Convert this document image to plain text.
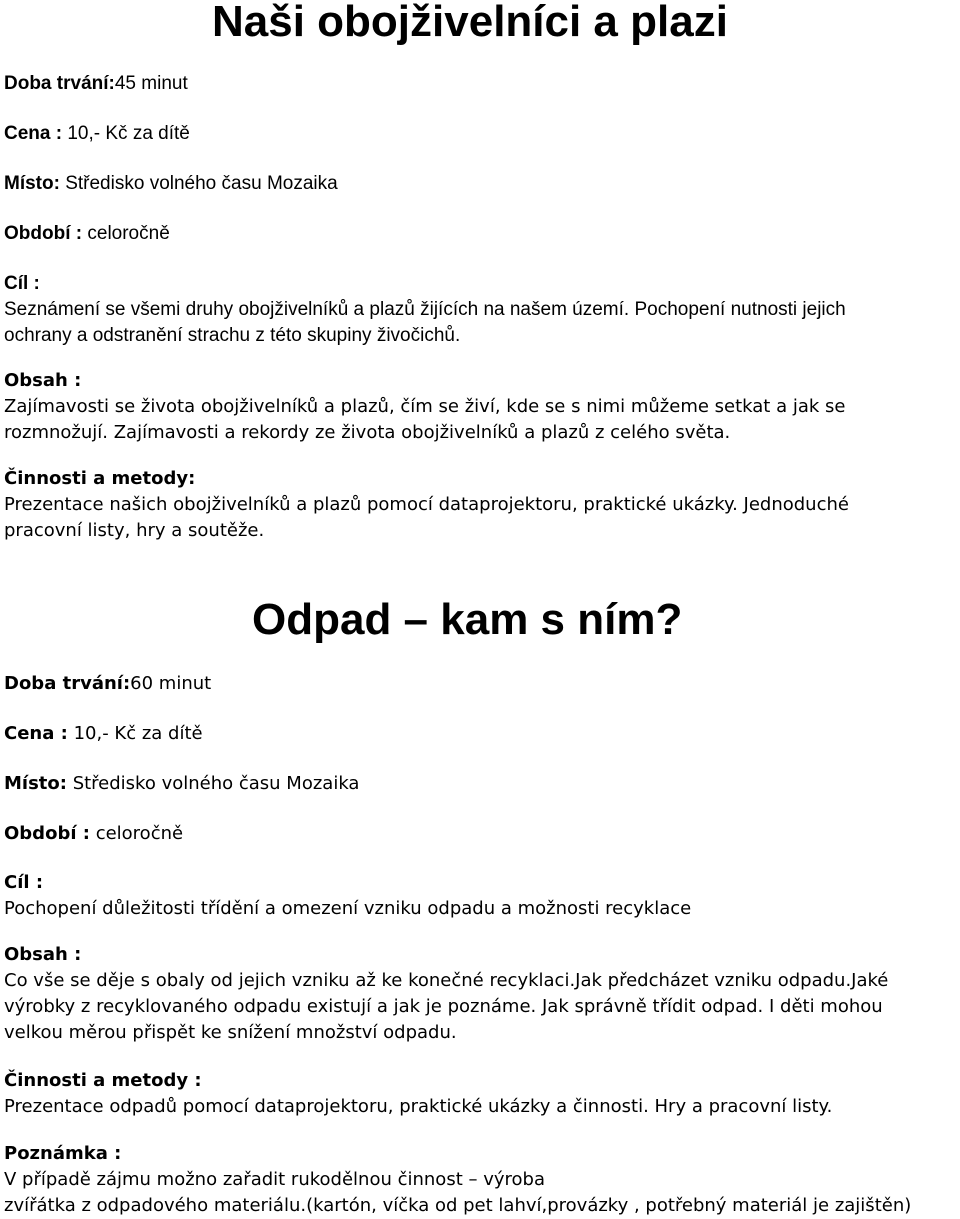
Naši obojživelníci a plazi
Doba trvání:45 minut
Cena : 10,- Kč za dítě
Místo: Středisko volného času Mozaika
Období : celoročně
Cíl :
Seznámení se všemi druhy obojživelníků a plazů žijících na našem území. Pochopení nutnosti jejich
ochrany a odstranění strachu z této skupiny živočichů.
Obsah :
Zajímavosti se života obojživelníků a plazů, čím se živí, kde se s nimi můžeme setkat a jak se
rozmnožují. Zajímavosti a rekordy ze života obojživelníků a plazů z celého světa.
Činnosti a metody:
Prezentace našich obojživelníků a plazů pomocí dataprojektoru, praktické ukázky. Jednoduché
pracovní listy, hry a soutěže.
Odpad – kam s ním?
Doba trvání:60 minut
Cena : 10,- Kč za dítě
Místo: Středisko volného času Mozaika
Období : celoročně
Cíl :
Pochopení důležitosti třídění a omezení vzniku odpadu a možnosti recyklace
Obsah :
Co vše se děje s obaly od jejich vzniku až ke konečné recyklaci.Jak předcházet vzniku odpadu.Jaké
výrobky z recyklovaného odpadu existují a jak je poznáme. Jak správně třídit odpad. I děti mohou
velkou měrou přispět ke snížení množství odpadu.
Činnosti a metody :
Prezentace odpadů pomocí dataprojektoru, praktické ukázky a činnosti. Hry a pracovní listy.
Poznámka :
V případě zájmu možno zařadit rukodělnou činnost – výroba
zvířátka z odpadového materiálu.(kartón, víčka od pet lahví,provázky , potřebný materiál je zajištěn)
